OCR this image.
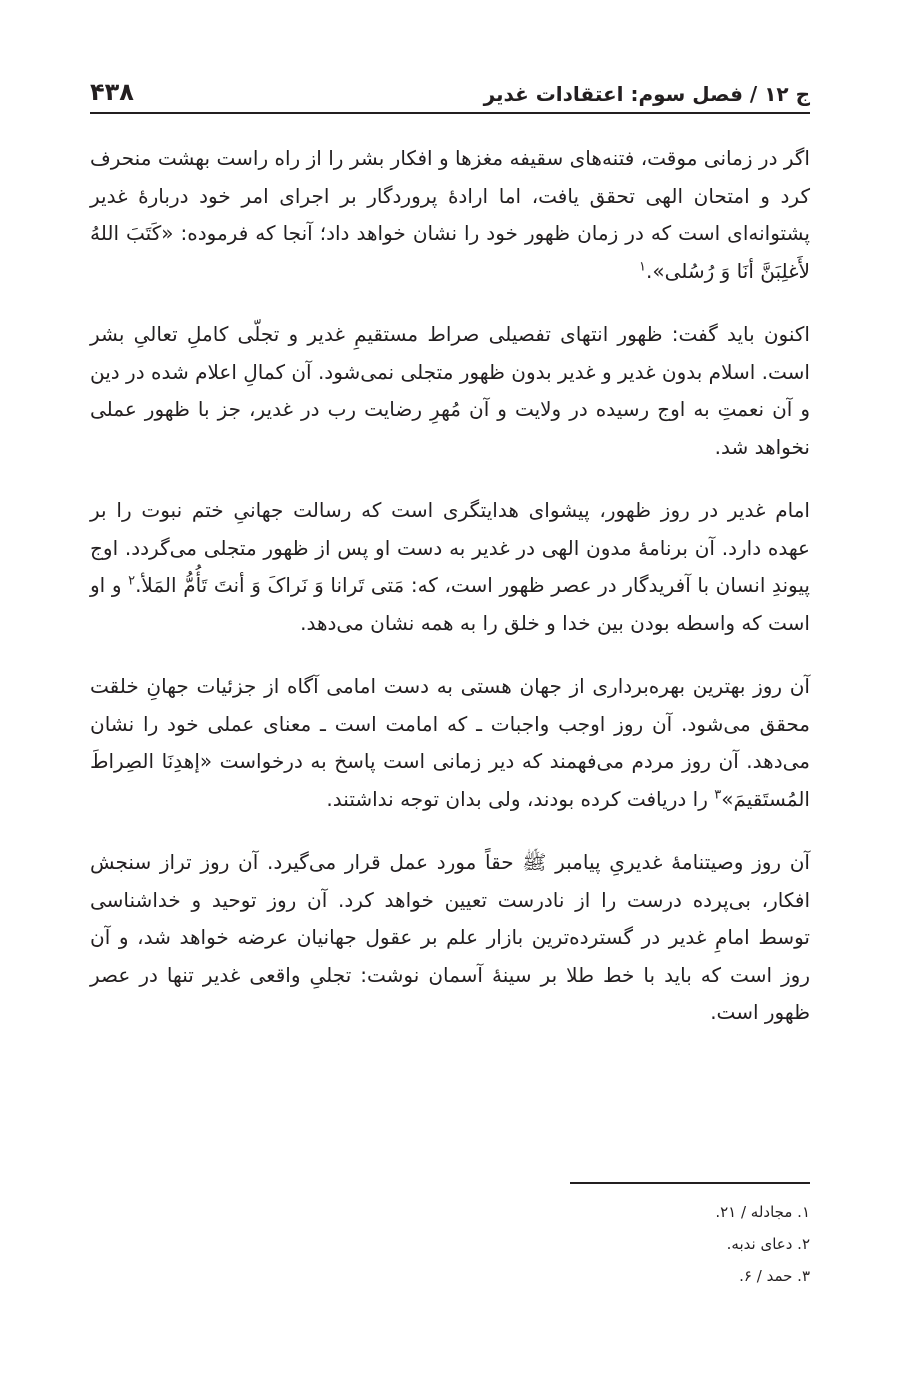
ج ۱۲ / فصل سوم: اعتقادات غدیر
۴۳۸

اگر در زمانی موقت، فتنه‌های سقیفه مغزها و افکار بشر را از راه راست بهشت منحرف کرد و امتحان الهی تحقق یافت، اما ارادهٔ پروردگار بر اجرای امر خود دربارهٔ غدیر پشتوانه‌ای است که در زمان ظهور خود را نشان خواهد داد؛ آنجا که فرموده: «کَتَبَ اللهُ لأَغلِبَنَّ أنَا وَ رُسُلی».$^۱$

اکنون باید گفت: ظهور انتهای تفصیلی صراط مستقیمِ غدیر و تجلّی کاملِ تعالیِ بشر است. اسلام بدون غدیر و غدیر بدون ظهور متجلی نمی‌شود. آن کمالِ اعلام شده در دین و آن نعمتِ به اوج رسیده در ولایت و آن مُهرِ رضایت رب در غدیر، جز با ظهور عملی نخواهد شد.

امام غدیر در روز ظهور، پیشوای هدایتگری است که رسالت جهانیِ ختم نبوت را بر عهده دارد. آن برنامهٔ مدون الهی در غدیر به دست او پس از ظهور متجلی می‌گردد. اوج پیوندِ انسان با آفریدگار در عصر ظهور است، که: مَتی تَرانا وَ نَراکَ وَ أنتَ تَأُمُّ المَلأ.$^۲$ و او است که واسطه بودن بین خدا و خلق را به همه نشان می‌دهد.

آن روز بهترین بهره‌برداری از جهان هستی به دست امامی آگاه از جزئیات جهانِ خلقت محقق می‌شود. آن روز اوجب واجبات ـ که امامت است ـ معنای عملی خود را نشان می‌دهد. آن روز مردم می‌فهمند که دیر زمانی است پاسخ به درخواست «إهدِنَا الصِراطَ المُستَقیمَ»$^۳$ را دریافت کرده بودند، ولی بدان توجه نداشتند.

آن روز وصیتنامهٔ غدیریِ پیامبر ﷺ حقاً مورد عمل قرار می‌گیرد. آن روز تراز سنجش افکار، بی‌پرده درست را از نادرست تعیین خواهد کرد. آن روز توحید و خداشناسی توسط امامِ غدیر در گسترده‌ترین بازار علم بر عقول جهانیان عرضه خواهد شد، و آن روز است که باید با خط طلا بر سینهٔ آسمان نوشت: تجلیِ واقعی غدیر تنها در عصر ظهور است.

۱. مجادله / ۲۱.
۲. دعای ندبه.
۳. حمد / ۶.
